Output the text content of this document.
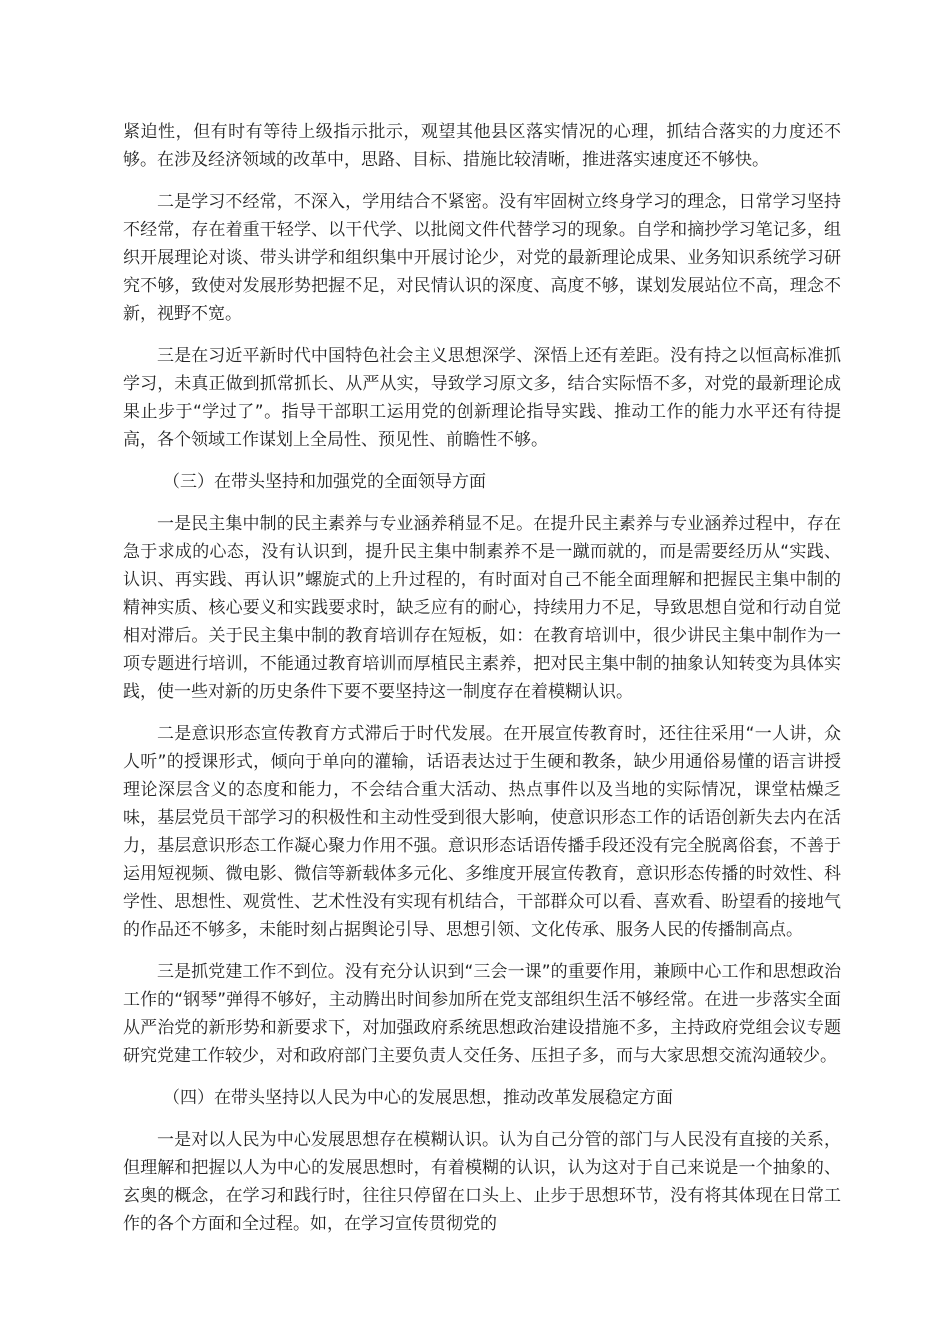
紧迫性，但有时有等待上级指示批示，观望其他县区落实情况的心理，抓结合落实的力度还不够。在涉及经济领域的改革中，思路、目标、措施比较清晰，推进落实速度还不够快。

二是学习不经常，不深入，学用结合不紧密。没有牢固树立终身学习的理念，日常学习坚持不经常，存在着重干轻学、以干代学、以批阅文件代替学习的现象。自学和摘抄学习笔记多，组织开展理论对谈、带头讲学和组织集中开展讨论少，对党的最新理论成果、业务知识系统学习研究不够，致使对发展形势把握不足，对民情认识的深度、高度不够，谋划发展站位不高，理念不新，视野不宽。

三是在习近平新时代中国特色社会主义思想深学、深悟上还有差距。没有持之以恒高标准抓学习，未真正做到抓常抓长、从严从实，导致学习原文多，结合实际悟不多，对党的最新理论成果止步于“学过了”。指导干部职工运用党的创新理论指导实践、推动工作的能力水平还有待提高，各个领域工作谋划上全局性、预见性、前瞻性不够。

（三）在带头坚持和加强党的全面领导方面

一是民主集中制的民主素养与专业涵养稍显不足。在提升民主素养与专业涵养过程中，存在急于求成的心态，没有认识到，提升民主集中制素养不是一蹴而就的，而是需要经历从“实践、认识、再实践、再认识”螺旋式的上升过程的，有时面对自己不能全面理解和把握民主集中制的精神实质、核心要义和实践要求时，缺乏应有的耐心，持续用力不足，导致思想自觉和行动自觉相对滞后。关于民主集中制的教育培训存在短板，如：在教育培训中，很少讲民主集中制作为一项专题进行培训，不能通过教育培训而厚植民主素养，把对民主集中制的抽象认知转变为具体实践，使一些对新的历史条件下要不要坚持这一制度存在着模糊认识。

二是意识形态宣传教育方式滞后于时代发展。在开展宣传教育时，还往往采用“一人讲，众人听”的授课形式，倾向于单向的灌输，话语表达过于生硬和教条，缺少用通俗易懂的语言讲授理论深层含义的态度和能力，不会结合重大活动、热点事件以及当地的实际情况，课堂枯燥乏味，基层党员干部学习的积极性和主动性受到很大影响，使意识形态工作的话语创新失去内在活力，基层意识形态工作凝心聚力作用不强。意识形态话语传播手段还没有完全脱离俗套，不善于运用短视频、微电影、微信等新载体多元化、多维度开展宣传教育，意识形态传播的时效性、科学性、思想性、观赏性、艺术性没有实现有机结合，干部群众可以看、喜欢看、盼望看的接地气的作品还不够多，未能时刻占据舆论引导、思想引领、文化传承、服务人民的传播制高点。

三是抓党建工作不到位。没有充分认识到“三会一课”的重要作用，兼顾中心工作和思想政治工作的“钢琴”弹得不够好，主动腾出时间参加所在党支部组织生活不够经常。在进一步落实全面从严治党的新形势和新要求下，对加强政府系统思想政治建设措施不多，主持政府党组会议专题研究党建工作较少，对和政府部门主要负责人交任务、压担子多，而与大家思想交流沟通较少。

（四）在带头坚持以人民为中心的发展思想，推动改革发展稳定方面

一是对以人民为中心发展思想存在模糊认识。认为自己分管的部门与人民没有直接的关系，但理解和把握以人为中心的发展思想时，有着模糊的认识，认为这对于自己来说是一个抽象的、玄奥的概念，在学习和践行时，往往只停留在口头上、止步于思想环节，没有将其体现在日常工作的各个方面和全过程。如，在学习宣传贯彻党的
